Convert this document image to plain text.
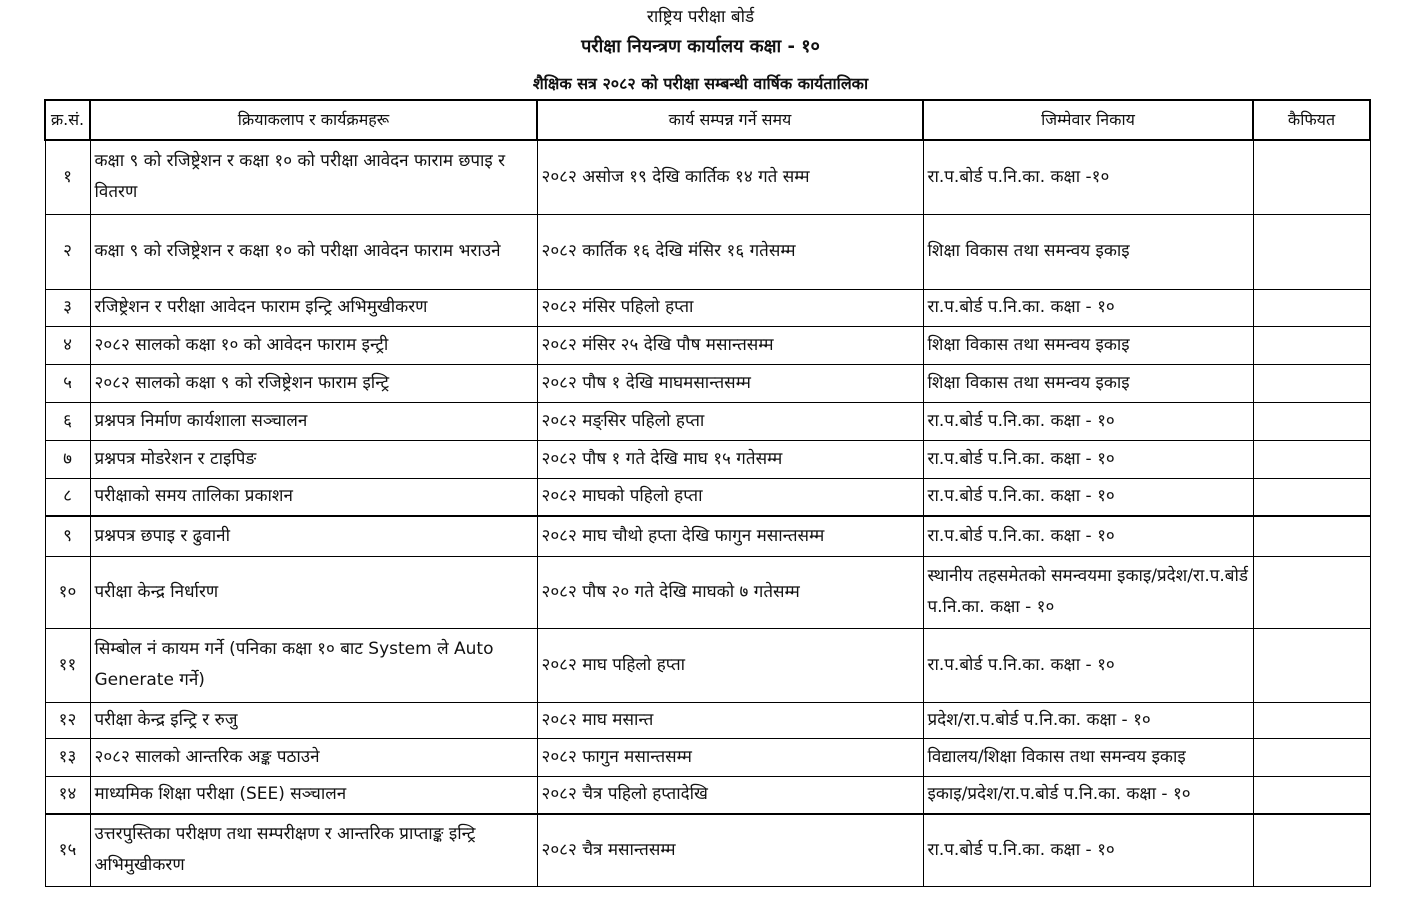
राष्ट्रिय परीक्षा बोर्ड
परीक्षा नियन्त्रण कार्यालय कक्षा - १०
शैक्षिक सत्र २०८२ को परीक्षा सम्बन्धी वार्षिक कार्यतालिका
क्र.सं.	क्रियाकलाप र कार्यक्रमहरू	कार्य सम्पन्न गर्ने समय	जिम्मेवार निकाय	कैफियत
१	कक्षा ९ को रजिष्ट्रेशन र कक्षा १० को परीक्षा आवेदन फाराम छपाइ र वितरण	२०८२ असोज १९ देखि कार्तिक १४ गते सम्म	रा.प.बोर्ड प.नि.का. कक्षा -१०	
२	कक्षा ९ को रजिष्ट्रेशन र कक्षा १० को परीक्षा आवेदन फाराम भराउने	२०८२ कार्तिक १६ देखि मंसिर १६ गतेसम्म	शिक्षा विकास तथा समन्वय इकाइ	
३	रजिष्ट्रेशन र परीक्षा आवेदन फाराम इन्ट्रि अभिमुखीकरण	२०८२ मंसिर पहिलो हप्ता	रा.प.बोर्ड प.नि.का. कक्षा - १०	
४	२०८२ सालको कक्षा १० को आवेदन फाराम इन्ट्री	२०८२ मंसिर २५ देखि पौष मसान्तसम्म	शिक्षा विकास तथा समन्वय इकाइ	
५	२०८२ सालको कक्षा ९ को रजिष्ट्रेशन फाराम इन्ट्रि	२०८२ पौष १ देखि माघमसान्तसम्म	शिक्षा विकास तथा समन्वय इकाइ	
६	प्रश्नपत्र निर्माण कार्यशाला सञ्चालन	२०८२ मङ्सिर पहिलो हप्ता	रा.प.बोर्ड प.नि.का. कक्षा - १०	
७	प्रश्नपत्र मोडरेशन र टाइपिङ	२०८२ पौष १ गते देखि माघ १५ गतेसम्म	रा.प.बोर्ड प.नि.का. कक्षा - १०	
८	परीक्षाको समय तालिका प्रकाशन	२०८२ माघको पहिलो हप्ता	रा.प.बोर्ड प.नि.का. कक्षा - १०	
९	प्रश्नपत्र छपाइ र ढुवानी	२०८२ माघ चौथो हप्ता देखि फागुन मसान्तसम्म	रा.प.बोर्ड प.नि.का. कक्षा - १०	
१०	परीक्षा केन्द्र निर्धारण	२०८२ पौष २० गते देखि माघको ७ गतेसम्म	स्थानीय तहसमेतको समन्वयमा इकाइ/प्रदेश/रा.प.बोर्ड प.नि.का. कक्षा - १०	
११	सिम्बोल नं कायम गर्ने (पनिका कक्षा १० बाट System ले Auto Generate गर्ने)	२०८२ माघ पहिलो हप्ता	रा.प.बोर्ड प.नि.का. कक्षा - १०	
१२	परीक्षा केन्द्र इन्ट्रि र रुजु	२०८२ माघ मसान्त	प्रदेश/रा.प.बोर्ड प.नि.का. कक्षा - १०	
१३	२०८२ सालको आन्तरिक अङ्क पठाउने	२०८२ फागुन मसान्तसम्म	विद्यालय/शिक्षा विकास तथा समन्वय इकाइ	
१४	माध्यमिक शिक्षा परीक्षा (SEE) सञ्चालन	२०८२ चैत्र पहिलो हप्तादेखि	इकाइ/प्रदेश/रा.प.बोर्ड प.नि.का. कक्षा - १०	
१५	उत्तरपुस्तिका परीक्षण तथा सम्परीक्षण र आन्तरिक प्राप्ताङ्क इन्ट्रि अभिमुखीकरण	२०८२ चैत्र मसान्तसम्म	रा.प.बोर्ड प.नि.का. कक्षा - १०	
